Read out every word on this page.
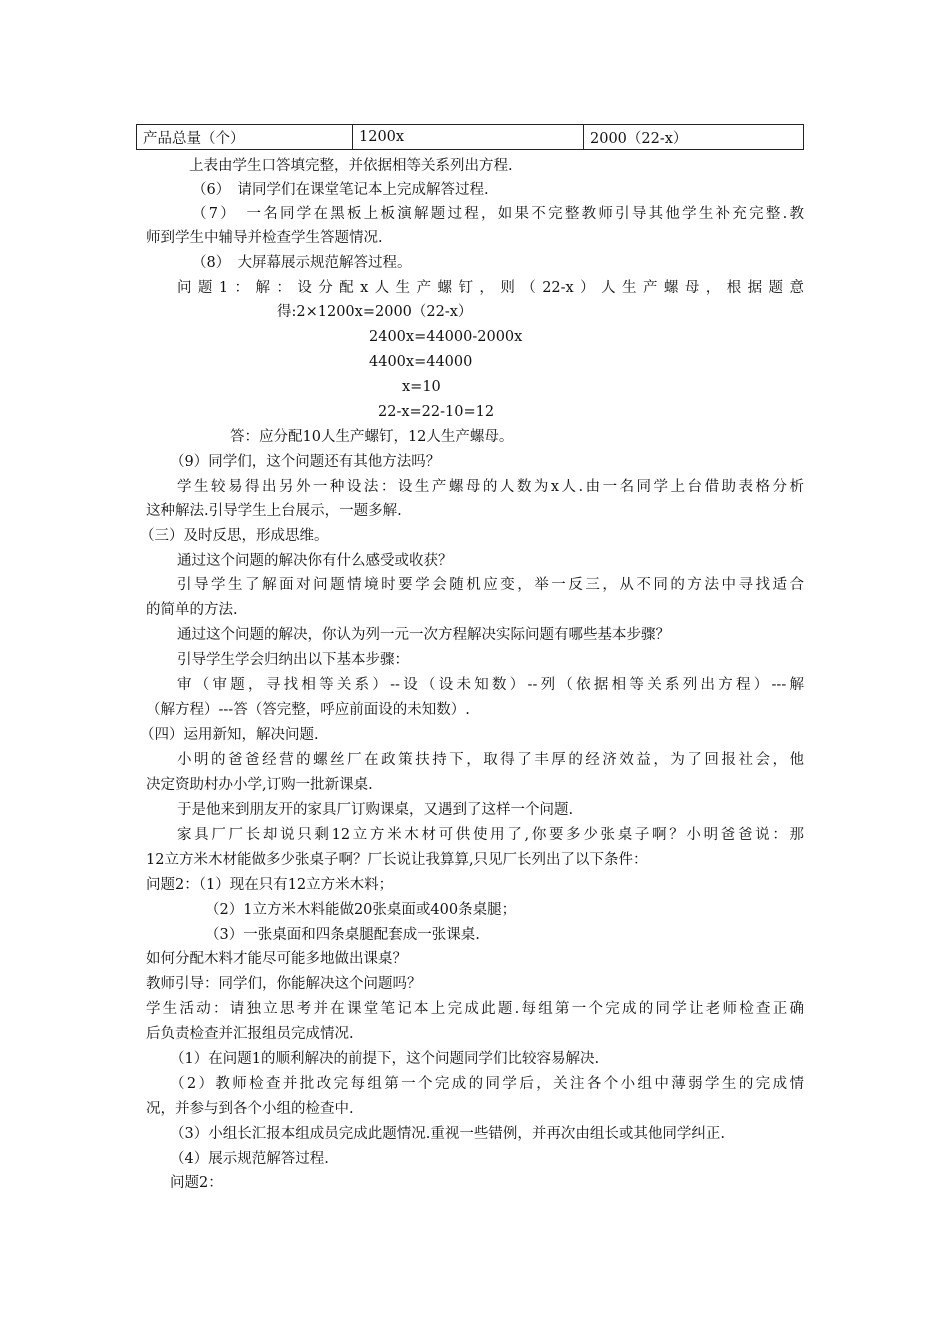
产品总量（个）	1200x	2000（22-x）
上表由学生口答填完整，并依据相等关系列出方程.
（6）　请同学们在课堂笔记本上完成解答过程.
（7）　一名同学在黑板上板演解题过程，如果不完整教师引导其他学生补充完整.教
师到学生中辅导并检查学生答题情况.
（8）　大屏幕展示规范解答过程。
问题1：解：设分配x人生产螺钉，则（22-x）人生产螺母，根据题意
得:2×1200x=2000（22-x）
2400x=44000-2000x
4400x=44000
x=10
22-x=22-10=12
答：应分配10人生产螺钉，12人生产螺母。
（9）同学们，这个问题还有其他方法吗？
学生较易得出另外一种设法：设生产螺母的人数为x人.由一名同学上台借助表格分析
这种解法.引导学生上台展示，一题多解.
（三）及时反思，形成思维。
通过这个问题的解决你有什么感受或收获？
引导学生了解面对问题情境时要学会随机应变，举一反三，从不同的方法中寻找适合
的简单的方法.
通过这个问题的解决，你认为列一元一次方程解决实际问题有哪些基本步骤？
引导学生学会归纳出以下基本步骤：
审（审题，寻找相等关系）--设（设未知数）--列（依据相等关系列出方程）---解
（解方程）---答（答完整，呼应前面设的未知数）.
（四）运用新知，解决问题.
小明的爸爸经营的螺丝厂在政策扶持下，取得了丰厚的经济效益，为了回报社会，他
决定资助村办小学,订购一批新课桌.
于是他来到朋友开的家具厂订购课桌，又遇到了这样一个问题.
家具厂厂长却说只剩12立方米木材可供使用了,你要多少张桌子啊？小明爸爸说：那
12立方米木材能做多少张桌子啊？厂长说让我算算,只见厂长列出了以下条件：
问题2：（1）现在只有12立方米木料；
（2）1立方米木料能做20张桌面或400条桌腿；
（3）一张桌面和四条桌腿配套成一张课桌.
如何分配木料才能尽可能多地做出课桌？
教师引导：同学们，你能解决这个问题吗？
学生活动：请独立思考并在课堂笔记本上完成此题.每组第一个完成的同学让老师检查正确
后负责检查并汇报组员完成情况.
（1）在问题1的顺利解决的前提下，这个问题同学们比较容易解决.
（2）教师检查并批改完每组第一个完成的同学后，关注各个小组中薄弱学生的完成情
况，并参与到各个小组的检查中.
（3）小组长汇报本组成员完成此题情况.重视一些错例，并再次由组长或其他同学纠正.
（4）展示规范解答过程.
问题2：
